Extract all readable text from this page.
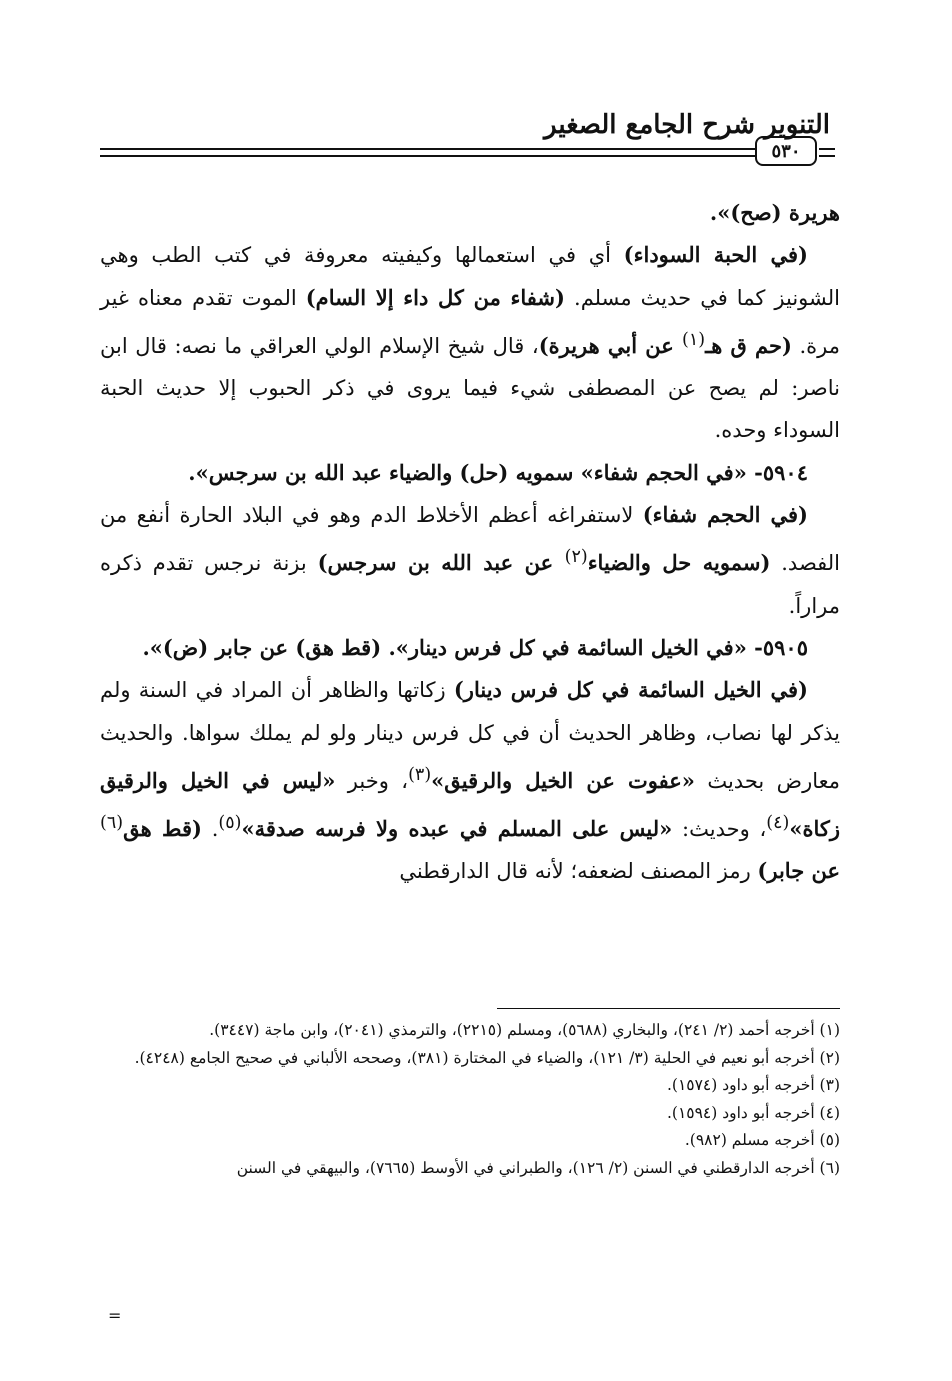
التنوير شرح الجامع الصغير
٥٣٠

هريرة (صح)».

(في الحبة السوداء) أي في استعمالها وكيفيته معروفة في كتب الطب وهي الشونيز كما في حديث مسلم. (شفاء من كل داء إلا السام) الموت تقدم معناه غير مرة. (حم ق هـ$^{(١)}$ عن أبي هريرة)، قال شيخ الإسلام الولي العراقي ما نصه: قال ابن ناصر: لم يصح عن المصطفى شيء فيما يروى في ذكر الحبوب إلا حديث الحبة السوداء وحده.

٥٩٠٤- «في الحجم شفاء» سمويه (حل) والضياء عبد الله بن سرجس».

(في الحجم شفاء) لاستفراغه أعظم الأخلاط الدم وهو في البلاد الحارة أنفع من الفصد. (سمويه حل والضياء$^{(٢)}$ عن عبد الله بن سرجس) بزنة نرجس تقدم ذكره مراراً.

٥٩٠٥- «في الخيل السائمة في كل فرس دينار». (قط هق) عن جابر (ض)».

(في الخيل السائمة في كل فرس دينار) زكاتها والظاهر أن المراد في السنة ولم يذكر لها نصاب، وظاهر الحديث أن في كل فرس دينار ولو لم يملك سواها. والحديث معارض بحديث «عفوت عن الخيل والرقيق»$^{(٣)}$، وخبر «ليس في الخيل والرقيق زكاة»$^{(٤)}$، وحديث: «ليس على المسلم في عبده ولا فرسه صدقة»$^{(٥)}$. (قط هق$^{(٦)}$ عن جابر) رمز المصنف لضعفه؛ لأنه قال الدارقطني

(١) أخرجه أحمد (٢/ ٢٤١)، والبخاري (٥٦٨٨)، ومسلم (٢٢١٥)، والترمذي (٢٠٤١)، وابن ماجة (٣٤٤٧).

(٢) أخرجه أبو نعيم في الحلية (٣/ ١٢١)، والضياء في المختارة (٣٨١)، وصححه الألباني في صحيح الجامع (٤٢٤٨).

(٣) أخرجه أبو داود (١٥٧٤).

(٤) أخرجه أبو داود (١٥٩٤).

(٥) أخرجه مسلم (٩٨٢).

(٦) أخرجه الدارقطني في السنن (٢/ ١٢٦)، والطبراني في الأوسط (٧٦٦٥)، والبيهقي في السنن

=
